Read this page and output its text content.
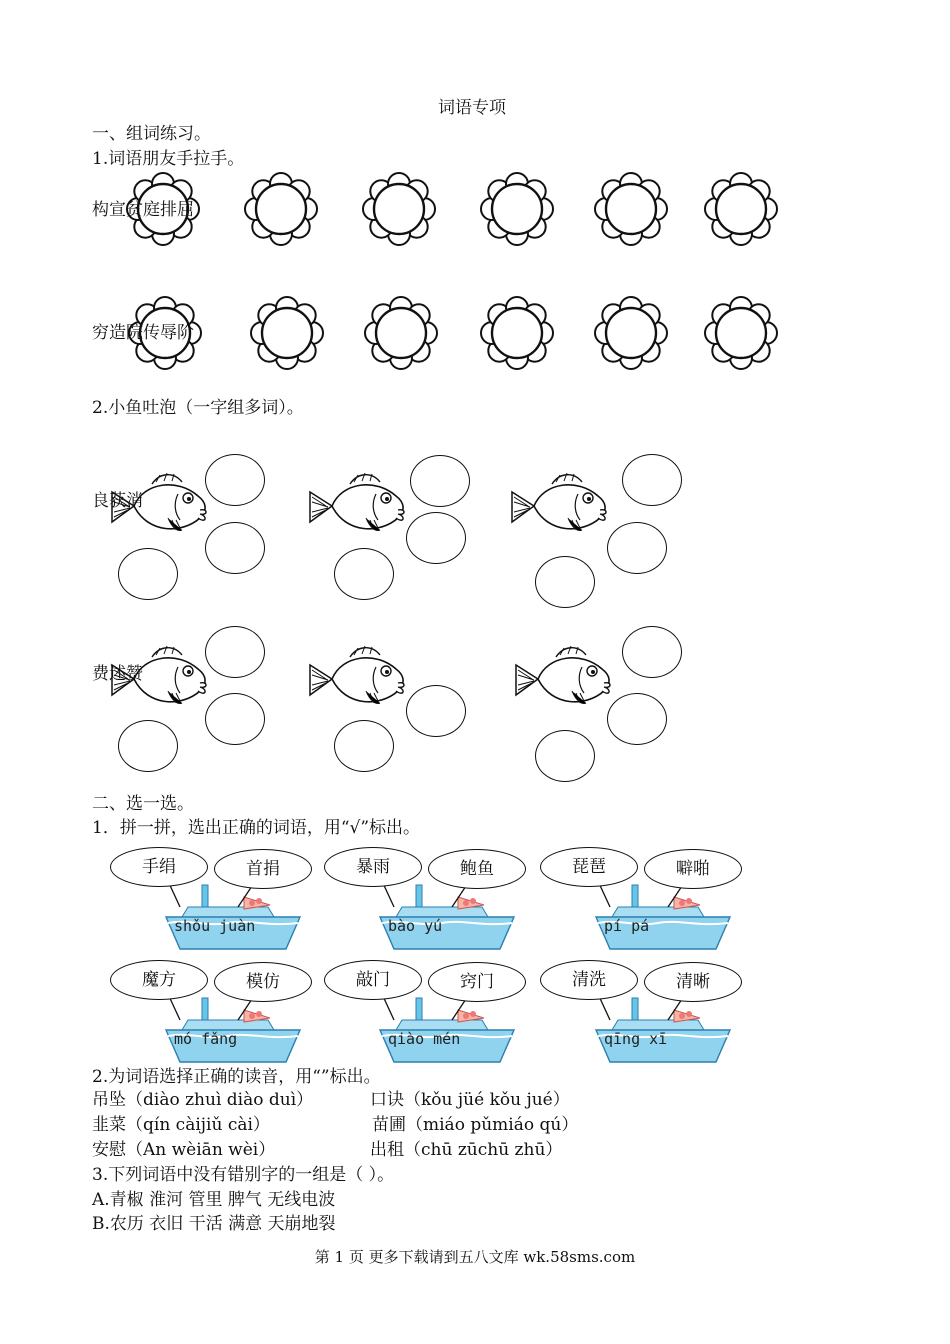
词语专项
一、组词练习。
1.词语朋友手拉手。
构宣贫庭排屈
穷造院传辱阶
2.小鱼吐泡（一字组多词）。
良获消
费述赞
二、选一选。
1．拼一拼，选出正确的词语，用“√”标出。
手绢	首捐
shǒu juàn
暴雨	鲍鱼
bào yú
琵琶	噼啪
pí pá
魔方	模仿
mó fǎng
敲门	窍门
qiào mén
清洗	清晰
qīng xī
2.为词语选择正确的读音，用“”标出。
吊坠（diào zhuì diào duì）	口诀（kǒu jüé kǒu jué）
韭菜（qín càijiǔ cài）	苗圃（miáo pǔmiáo qú）
安慰（An wèiān wèi）	出租（chū zūchū zhū）
3.下列词语中没有错别字的一组是（ ）。
A.青椒 淮河 管里 脾气 无线电波
B.农历 衣旧 干活 满意 天崩地裂
第 1 页 更多下载请到五八文库 wk.58sms.com
